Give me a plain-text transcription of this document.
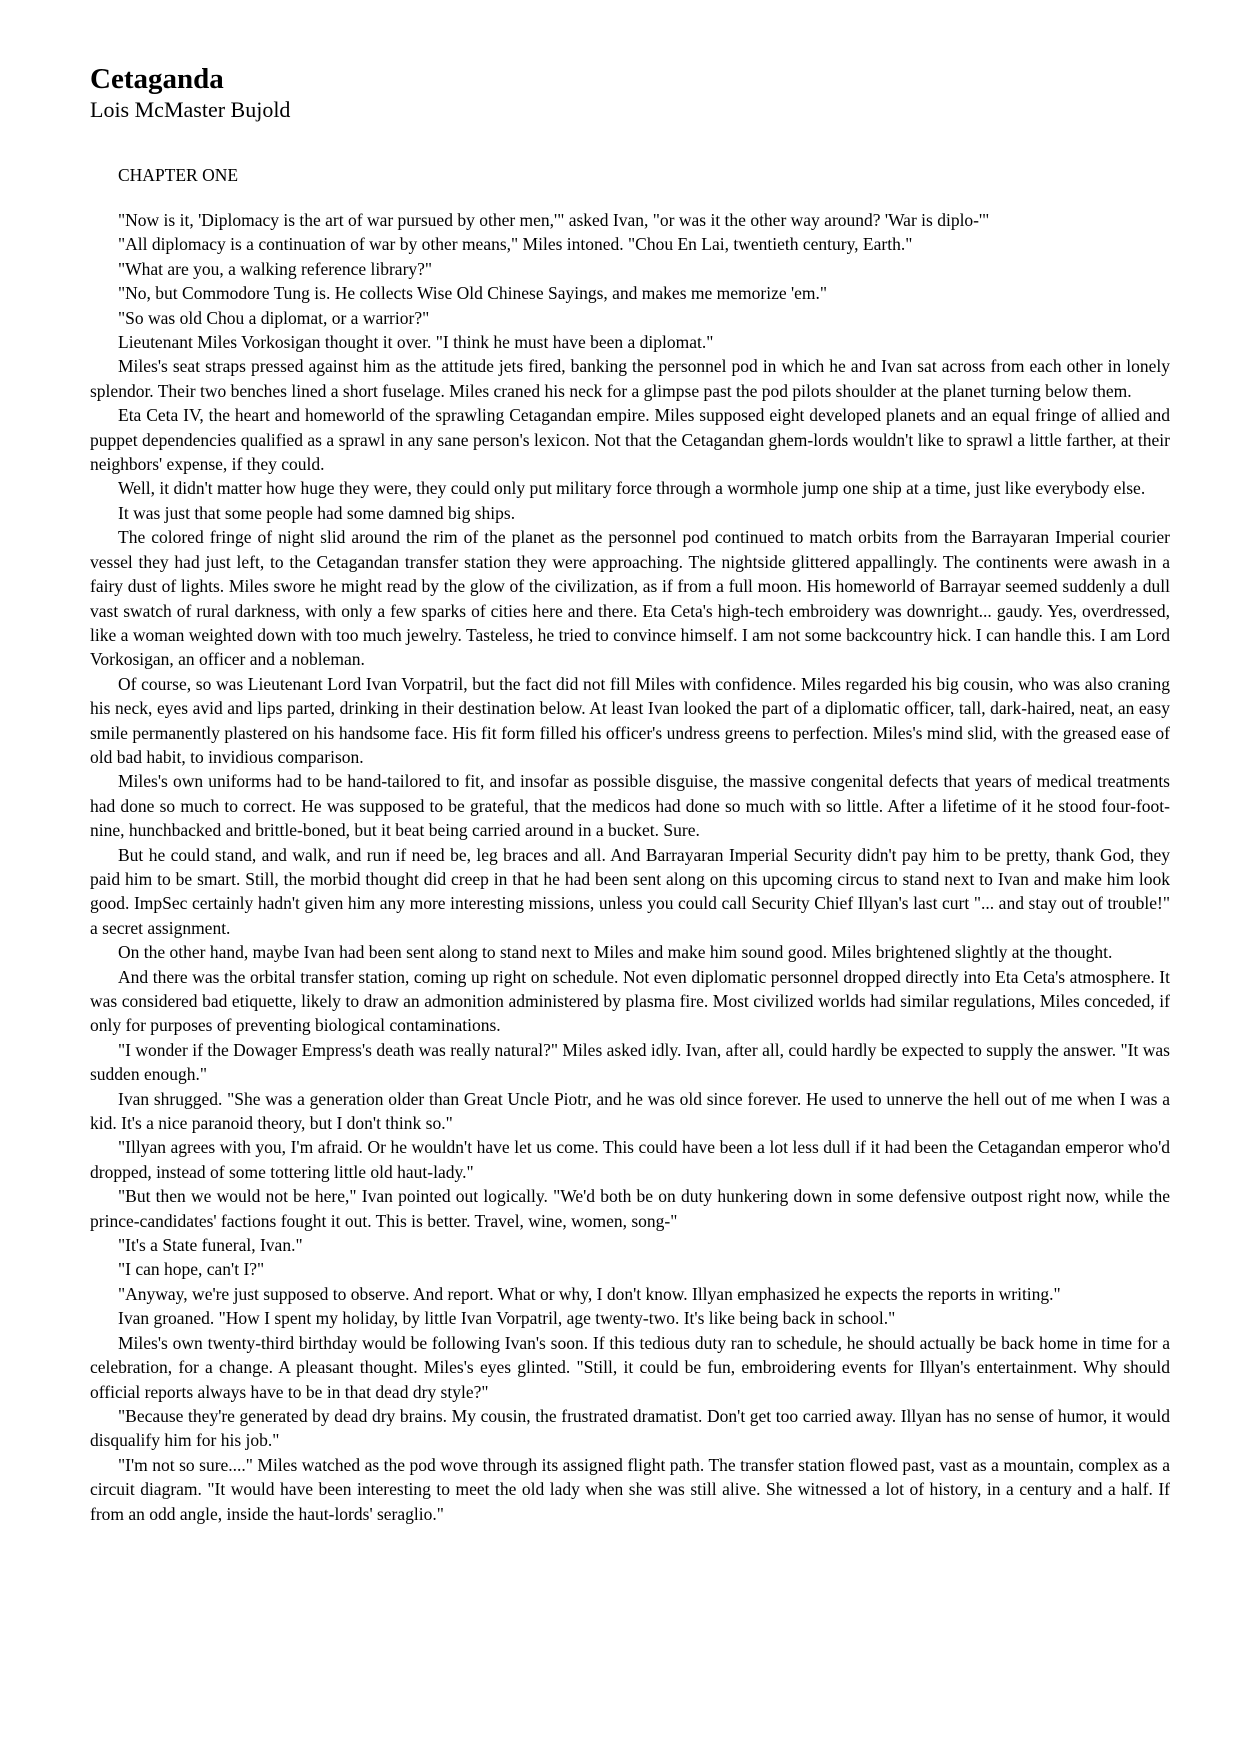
Cetaganda
Lois McMaster Bujold
CHAPTER ONE

"Now is it, 'Diplomacy is the art of war pursued by other men,'" asked Ivan, "or was it the other way around? 'War is diplo-'"

"All diplomacy is a continuation of war by other means," Miles intoned. "Chou En Lai, twentieth century, Earth."

"What are you, a walking reference library?"

"No, but Commodore Tung is. He collects Wise Old Chinese Sayings, and makes me memorize 'em."

"So was old Chou a diplomat, or a warrior?"

Lieutenant Miles Vorkosigan thought it over. "I think he must have been a diplomat."

Miles's seat straps pressed against him as the attitude jets fired, banking the personnel pod in which he and Ivan sat across from each other in lonely splendor. Their two benches lined a short fuselage. Miles craned his neck for a glimpse past the pod pilots shoulder at the planet turning below them.

Eta Ceta IV, the heart and homeworld of the sprawling Cetagandan empire. Miles supposed eight developed planets and an equal fringe of allied and puppet dependencies qualified as a sprawl in any sane person's lexicon. Not that the Cetagandan ghem-lords wouldn't like to sprawl a little farther, at their neighbors' expense, if they could.

Well, it didn't matter how huge they were, they could only put military force through a wormhole jump one ship at a time, just like everybody else.

It was just that some people had some damned big ships.

The colored fringe of night slid around the rim of the planet as the personnel pod continued to match orbits from the Barrayaran Imperial courier vessel they had just left, to the Cetagandan transfer station they were approaching. The nightside glittered appallingly. The continents were awash in a fairy dust of lights. Miles swore he might read by the glow of the civilization, as if from a full moon. His homeworld of Barrayar seemed suddenly a dull vast swatch of rural darkness, with only a few sparks of cities here and there. Eta Ceta's high-tech embroidery was downright... gaudy. Yes, overdressed, like a woman weighted down with too much jewelry. Tasteless, he tried to convince himself. I am not some backcountry hick. I can handle this. I am Lord Vorkosigan, an officer and a nobleman.

Of course, so was Lieutenant Lord Ivan Vorpatril, but the fact did not fill Miles with confidence. Miles regarded his big cousin, who was also craning his neck, eyes avid and lips parted, drinking in their destination below. At least Ivan looked the part of a diplomatic officer, tall, dark-haired, neat, an easy smile permanently plastered on his handsome face. His fit form filled his officer's undress greens to perfection. Miles's mind slid, with the greased ease of old bad habit, to invidious comparison.

Miles's own uniforms had to be hand-tailored to fit, and insofar as possible disguise, the massive congenital defects that years of medical treatments had done so much to correct. He was supposed to be grateful, that the medicos had done so much with so little. After a lifetime of it he stood four-foot-nine, hunchbacked and brittle-boned, but it beat being carried around in a bucket. Sure.

But he could stand, and walk, and run if need be, leg braces and all. And Barrayaran Imperial Security didn't pay him to be pretty, thank God, they paid him to be smart. Still, the morbid thought did creep in that he had been sent along on this upcoming circus to stand next to Ivan and make him look good. ImpSec certainly hadn't given him any more interesting missions, unless you could call Security Chief Illyan's last curt "... and stay out of trouble!" a secret assignment.

On the other hand, maybe Ivan had been sent along to stand next to Miles and make him sound good. Miles brightened slightly at the thought.

And there was the orbital transfer station, coming up right on schedule. Not even diplomatic personnel dropped directly into Eta Ceta's atmosphere. It was considered bad etiquette, likely to draw an admonition administered by plasma fire. Most civilized worlds had similar regulations, Miles conceded, if only for purposes of preventing biological contaminations.

"I wonder if the Dowager Empress's death was really natural?" Miles asked idly. Ivan, after all, could hardly be expected to supply the answer. "It was sudden enough."

Ivan shrugged. "She was a generation older than Great Uncle Piotr, and he was old since forever. He used to unnerve the hell out of me when I was a kid. It's a nice paranoid theory, but I don't think so."

"Illyan agrees with you, I'm afraid. Or he wouldn't have let us come. This could have been a lot less dull if it had been the Cetagandan emperor who'd dropped, instead of some tottering little old haut-lady."

"But then we would not be here," Ivan pointed out logically. "We'd both be on duty hunkering down in some defensive outpost right now, while the prince-candidates' factions fought it out. This is better. Travel, wine, women, song-"

"It's a State funeral, Ivan."

"I can hope, can't I?"

"Anyway, we're just supposed to observe. And report. What or why, I don't know. Illyan emphasized he expects the reports in writing."

Ivan groaned. "How I spent my holiday, by little Ivan Vorpatril, age twenty-two. It's like being back in school."

Miles's own twenty-third birthday would be following Ivan's soon. If this tedious duty ran to schedule, he should actually be back home in time for a celebration, for a change. A pleasant thought. Miles's eyes glinted. "Still, it could be fun, embroidering events for Illyan's entertainment. Why should official reports always have to be in that dead dry style?"

"Because they're generated by dead dry brains. My cousin, the frustrated dramatist. Don't get too carried away. Illyan has no sense of humor, it would disqualify him for his job."

"I'm not so sure...." Miles watched as the pod wove through its assigned flight path. The transfer station flowed past, vast as a mountain, complex as a circuit diagram. "It would have been interesting to meet the old lady when she was still alive. She witnessed a lot of history, in a century and a half. If from an odd angle, inside the haut-lords' seraglio."
